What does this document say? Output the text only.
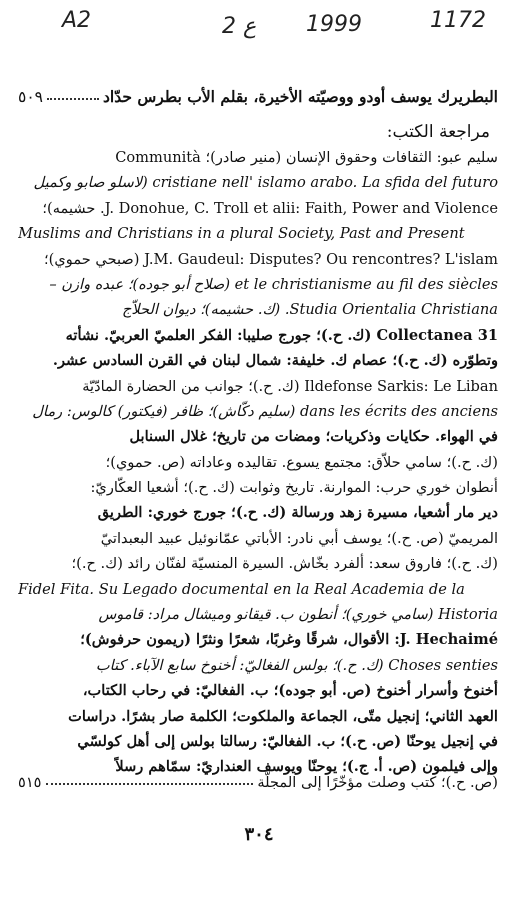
A2	2 ع 1999	1172
البطريرك يوسف أودو ووصيّته الأخيرة، بقلم الأب بطرس حدّاد
٥٠٩
مراجعة الكتب:
سليم عبو: الثقافات وحقوق الإنسان (منير صادر)؛ Communità
cristiane nell' islamo arabo. La sfida del futuro (لاسلو صابو وكميل
J. Donohue, C. Troll et alii: Faith, Power and Violence. حشيمه)؛
Muslims and Christians in a plural Society, Past and Present
J.M. Gaudeul: Disputes? Ou rencontres? L'islam (صبحي حموي)؛
et le christianisme au fil des siècles (صلاح أبو جوده)؛ عبده وازن –
Studia Orientalia Christiana. (ك. حشيمه)؛ ديوان الحلاّج
Collectanea 31 (ك. ح.)؛ جورج صليبا: الفكر العلميّ العربيّ. نشأته
وتطوّره (ك. ح.)؛ عصام ك. خليفة: شمال لبنان في القرن السادس عشر.
Ildefonse Sarkis: Le Liban (ك. ح.)؛ جوانب من الحضارة المادّيّة
dans les écrits des anciens (سليم دكّاش)؛ ظافر (فيكتور) كالوس: رمال
في الهواء. حكايات وذكريات؛ ومضات من تاريخ؛ غلال السنابل
(ك. ح.)؛ سامي حلاّق: مجتمع يسوع. تقاليده وعاداته (ص. حموي)؛
أنطوان خوري حرب: الموارنة. تاريخ وثوابت (ك. ح.)؛ أشعيا العكّاريّ:
دير مار أشعيا، مسيرة زهد ورسالة (ك. ح.)؛ جورج خوري: الطريق
المريميّ (ص. ح.)؛ يوسف أبي نادر: الأباتي عمّانوئيل عبيد البعبداتيّ
(ك. ح.)؛ فاروق سعد: ألفرد بخّاش. السيرة المنسيّة لفنّان رائد (ك. ح.)؛
Fidel Fita. Su Legado documental en la Real Academia de la
Historia (سامي خوري)؛ أنطون ب. قيقانو وميشال مراد: قاموس
J. Hechaimé: الأقوال، شرقًا وغربًا، شعرًا ونثرًا (ريمون حرفوش)؛
Choses senties (ك. ح.)؛ بولس الفغاليّ: أخنوخ سابع الآباء. كتاب
أخنوخ وأسرار أخنوخ (ص. أبو جوده)؛ ب. الفغاليّ: في رحاب الكتاب،
العهد الثاني؛ إنجيل متّى، الجماعة والملكوت؛ الكلمة صار بشرًا. دراسات
في إنجيل يوحنّا (ص. ح.)؛ ب. الفغاليّ: رسالتا بولس إلى أهل كولسّي
وإلى فيلمون (ص. أ. ج.)؛ يوحنّا ويوسف العنداريّ: سمّاهم رسلاً
(ص. ح.)؛ كتب وصلت مؤخّرًا إلى المجلّة
٥١٥
٣٠٤
